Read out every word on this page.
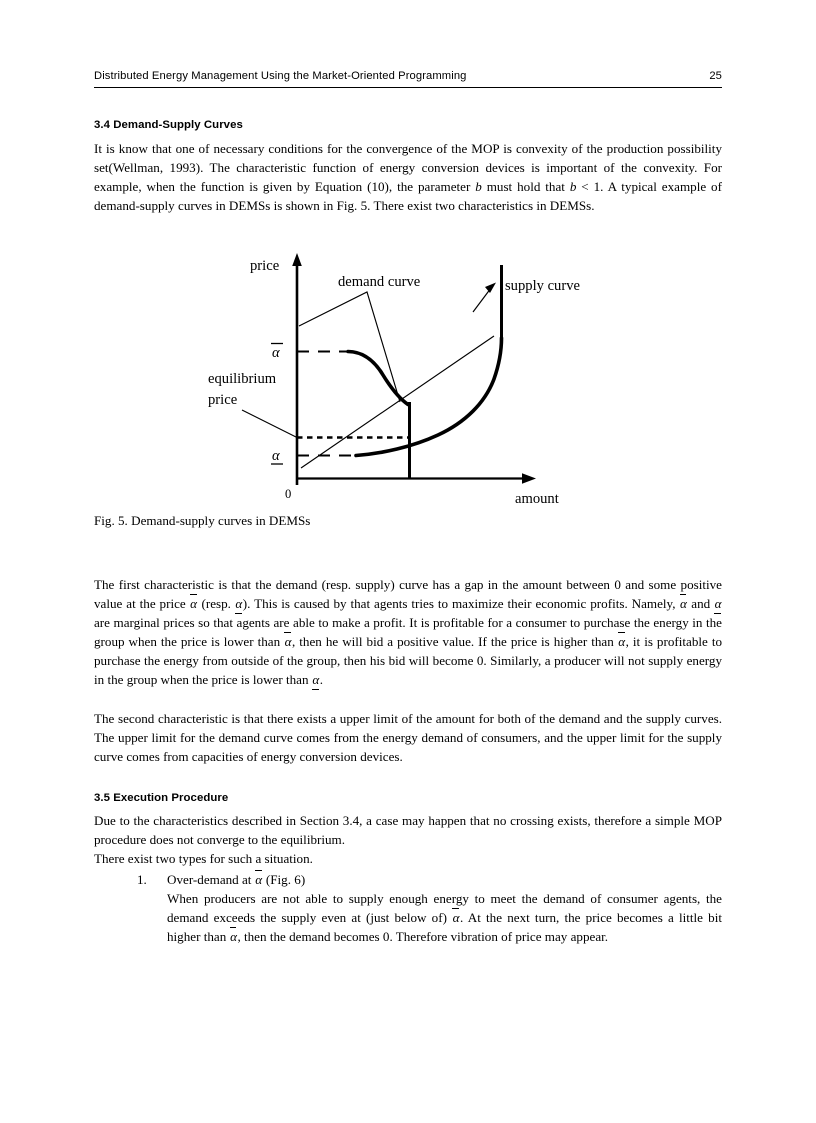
Distributed Energy Management Using the Market-Oriented Programming	25
3.4 Demand-Supply Curves
It is know that one of necessary conditions for the convergence of the MOP is convexity of the production possibility set(Wellman, 1993). The characteristic function of energy conversion devices is important of the convexity. For example, when the function is given by Equation (10), the parameter b must hold that b < 1. A typical example of demand-supply curves in DEMSs is shown in Fig. 5. There exist two characteristics in DEMSs.
price
amount
0
α
α
demand curve	supply curve
equilibrium
price
Fig. 5. Demand-supply curves in DEMSs
The first characteristic is that the demand (resp. supply) curve has a gap in the amount between 0 and some positive value at the price α (resp. α). This is caused by that agents tries to maximize their economic profits. Namely, α and α are marginal prices so that agents are able to make a profit. It is profitable for a consumer to purchase the energy in the group when the price is lower than α, then he will bid a positive value. If the price is higher than α, it is profitable to purchase the energy from outside of the group, then his bid will become 0. Similarly, a producer will not supply energy in the group when the price is lower than α.
The second characteristic is that there exists a upper limit of the amount for both of the demand and the supply curves. The upper limit for the demand curve comes from the energy demand of consumers, and the upper limit for the supply curve comes from capacities of energy conversion devices.
3.5 Execution Procedure
Due to the characteristics described in Section 3.4, a case may happen that no crossing exists, therefore a simple MOP procedure does not converge to the equilibrium.
There exist two types for such a situation.
1.	Over-demand at α (Fig. 6)
When producers are not able to supply enough energy to meet the demand of consumer agents, the demand exceeds the supply even at (just below of) α. At the next turn, the price becomes a little bit higher than α, then the demand becomes 0. Therefore vibration of price may appear.
